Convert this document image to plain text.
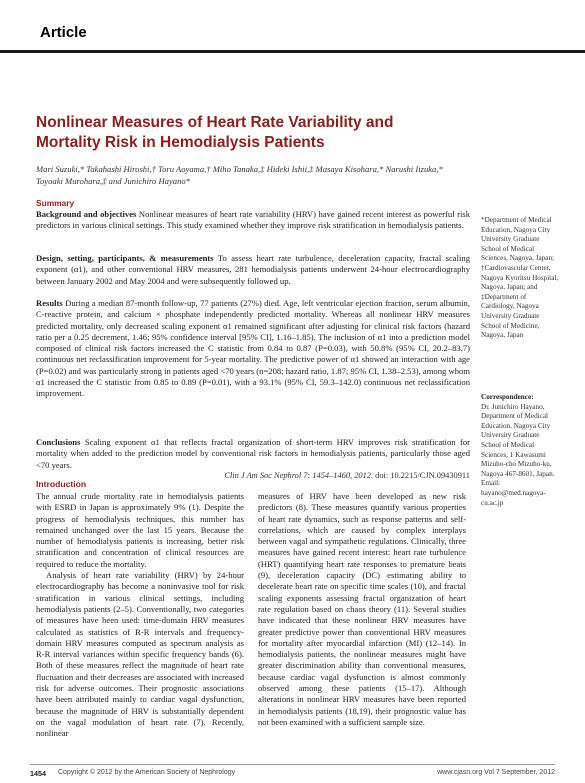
Article
Nonlinear Measures of Heart Rate Variability and Mortality Risk in Hemodialysis Patients

Mari Suzuki,* Takahashi Hiroshi,† Toru Aoyama,† Miho Tanaka,‡ Hideki Ishii,‡ Masaya Kisohara,* Narushi Iizuka,* Toyoaki Murohara,‡ and Junichiro Hayano*

Summary

Background and objectives Nonlinear measures of heart rate variability (HRV) have gained recent interest as powerful risk predictors in various clinical settings. This study examined whether they improve risk stratification in hemodialysis patients.

Design, setting, participants, & measurements To assess heart rate turbulence, deceleration capacity, fractal scaling exponent (α1), and other conventional HRV measures, 281 hemodialysis patients underwent 24-hour electrocardiography between January 2002 and May 2004 and were subsequently followed up.

Results During a median 87-month follow-up, 77 patients (27%) died. Age, left ventricular ejection fraction, serum albumin, C-reactive protein, and calcium × phosphate independently predicted mortality. Whereas all nonlinear HRV measures predicted mortality, only decreased scaling exponent α1 remained significant after adjusting for clinical risk factors (hazard ratio per a 0.25 decrement, 1.46; 95% confidence interval [95% CI], 1.16–1.85). The inclusion of α1 into a prediction model composed of clinical risk factors increased the C statistic from 0.84 to 0.87 (P=0.03), with 50.8% (95% CI, 20.2–83.7) continuous net reclassification improvement for 5-year mortality. The predictive power of α1 showed an interaction with age (P=0.02) and was particularly strong in patients aged <70 years (n=208; hazard ratio, 1.87; 95% CI, 1.38–2.53), among whom α1 increased the C statistic from 0.85 to 0.89 (P=0.01), with a 93.1% (95% CI, 59.3–142.0) continuous net reclassification improvement.

Conclusions Scaling exponent α1 that reflects fractal organization of short-term HRV improves risk stratification for mortality when added to the prediction model by conventional risk factors in hemodialysis patients, particularly those aged <70 years.

Clin J Am Soc Nephrol 7: 1454–1460, 2012. doi: 10.2215/CJN.09430911

*Department of Medical Education, Nagoya City University Graduate School of Medical Sciences, Nagoya, Japan; †Cardiovascular Center, Nagoya Kyoritsu Hospital, Nagoya, Japan; and ‡Department of Cardiology, Nagoya University Graduate School of Medicine, Nagoya, Japan

Correspondence:
Dr. Junichiro Hayano, Department of Medical Education, Nagoya City University Graduate School of Medical Sciences, 1 Kawasumi Mizuho-cho Mizuho-ku, Nagoya 467-8601, Japan. Email: hayano@med.nagoya-cu.ac.jp

Introduction

The annual crude mortality rate in hemodialysis patients with ESRD in Japan is approximately 9% (1). Despite the progress of hemodialysis techniques, this number has remained unchanged over the last 15 years. Because the number of hemodialysis patients is increasing, better risk stratification and concentration of clinical resources are required to reduce the mortality.

Analysis of heart rate variability (HRV) by 24-hour electrocardiography has become a noninvasive tool for risk stratification in various clinical settings, including hemodialysis patients (2–5). Conventionally, two categories of measures have been used: time-domain HRV measures calculated as statistics of R-R intervals and frequency-domain HRV measures computed as spectrum analysis as R-R interval variances within specific frequency bands (6). Both of these measures reflect the magnitude of heart rate fluctuation and their decreases are associated with increased risk for adverse outcomes. Their prognostic associations have been attributed mainly to cardiac vagal dysfunction, because the magnitude of HRV is substantially dependent on the vagal modulation of heart rate (7). Recently, nonlinear

measures of HRV have been developed as new risk predictors (8). These measures quantify various properties of heart rate dynamics, such as response patterns and self-correlations, which are caused by complex interplays between vagal and sympathetic regulations. Clinically, three measures have gained recent interest: heart rate turbulence (HRT) quantifying heart rate responses to premature beats (9), deceleration capacity (DC) estimating ability to decelerate heart rate on specific time scales (10), and fractal scaling exponents assessing fractal organization of heart rate regulation based on chaos theory (11). Several studies have indicated that these nonlinear HRV measures have greater predictive power than conventional HRV measures for mortality after myocardial infarction (MI) (12–14). In hemodialysis patients, the nonlinear measures might have greater discrimination ability than conventional measures, because cardiac vagal dysfunction is almost commonly observed among these patients (15–17). Although alterations in nonlinear HRV measures have been reported in hemodialysis patients (18,19), their prognostic value has not been examined with a sufficient sample size.

1454 Copyright © 2012 by the American Society of Nephrology	www.cjasn.org Vol 7 September, 2012
